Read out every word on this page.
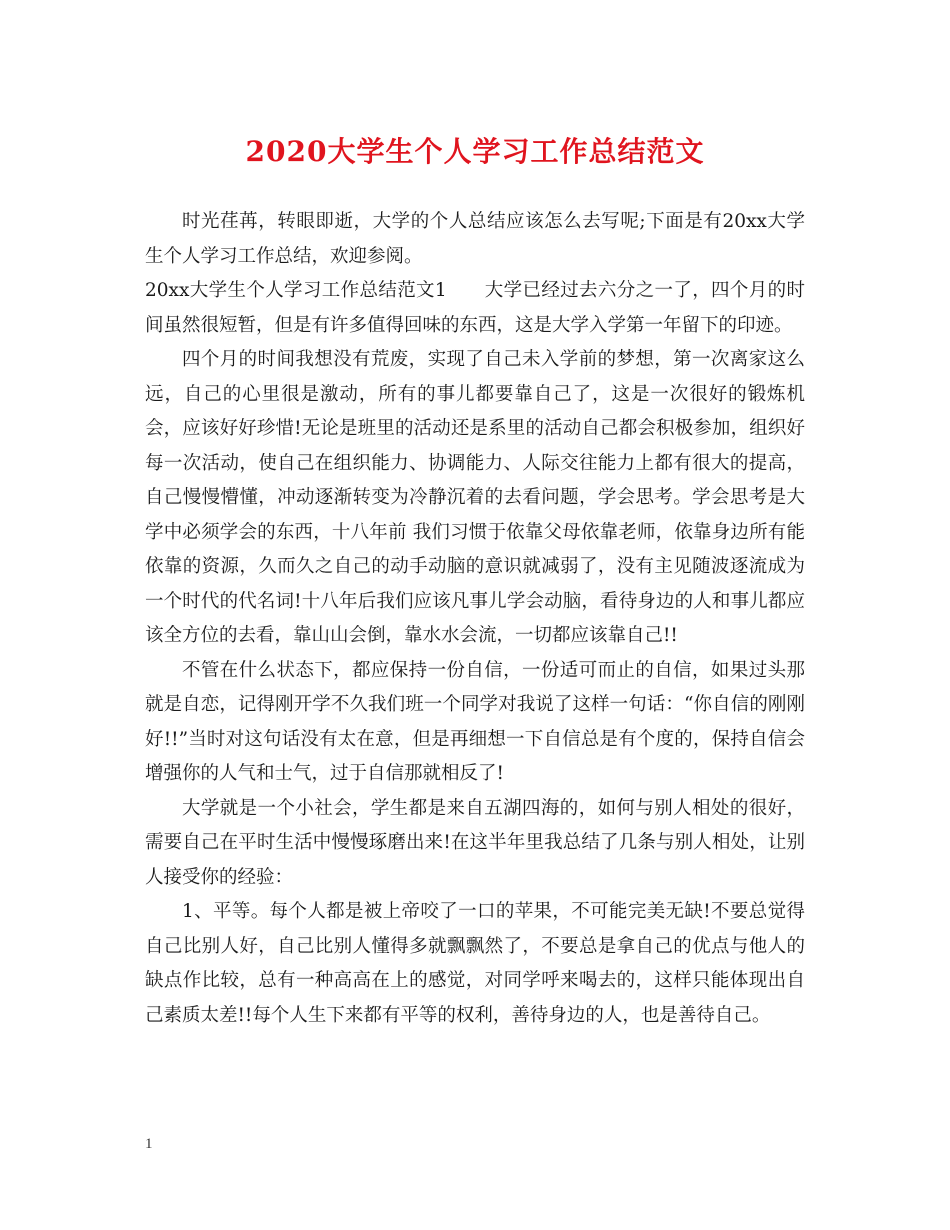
2020大学生个人学习工作总结范文

时光荏苒，转眼即逝，大学的个人总结应该怎么去写呢;下面是有20xx大学生个人学习工作总结，欢迎参阅。

20xx大学生个人学习工作总结范文1　　大学已经过去六分之一了，四个月的时间虽然很短暂，但是有许多值得回味的东西，这是大学入学第一年留下的印迹。

四个月的时间我想没有荒废，实现了自己未入学前的梦想，第一次离家这么远，自己的心里很是激动，所有的事儿都要靠自己了，这是一次很好的锻炼机会，应该好好珍惜!无论是班里的活动还是系里的活动自己都会积极参加，组织好每一次活动，使自己在组织能力、协调能力、人际交往能力上都有很大的提高，自己慢慢懵懂，冲动逐渐转变为冷静沉着的去看问题，学会思考。学会思考是大学中必须学会的东西，十八年前 我们习惯于依靠父母依靠老师，依靠身边所有能依靠的资源，久而久之自己的动手动脑的意识就减弱了，没有主见随波逐流成为一个时代的代名词!十八年后我们应该凡事儿学会动脑，看待身边的人和事儿都应该全方位的去看，靠山山会倒，靠水水会流，一切都应该靠自己!!

不管在什么状态下，都应保持一份自信，一份适可而止的自信，如果过头那就是自恋，记得刚开学不久我们班一个同学对我说了这样一句话：“你自信的刚刚好!!”当时对这句话没有太在意，但是再细想一下自信总是有个度的，保持自信会增强你的人气和士气，过于自信那就相反了!

大学就是一个小社会，学生都是来自五湖四海的，如何与别人相处的很好，需要自己在平时生活中慢慢琢磨出来!在这半年里我总结了几条与别人相处，让别人接受你的经验：

1、平等。每个人都是被上帝咬了一口的苹果，不可能完美无缺!不要总觉得自己比别人好，自己比别人懂得多就飘飘然了，不要总是拿自己的优点与他人的缺点作比较，总有一种高高在上的感觉，对同学呼来喝去的，这样只能体现出自己素质太差!!每个人生下来都有平等的权利，善待身边的人，也是善待自己。

1
